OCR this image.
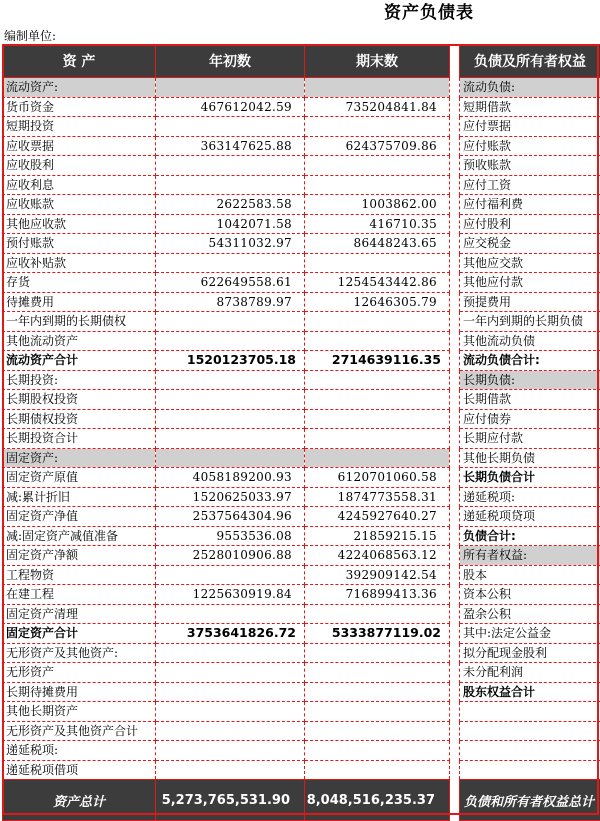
资产负债表
编制单位:
资 产	年初数	期末数		负债及所有者权益
流动资产:				流动负债:
货币资金	467612042.59	735204841.84		短期借款
短期投资				应付票据
应收票据	363147625.88	624375709.86		应付账款
应收股利				预收账款
应收利息				应付工资
应收账款	2622583.58	1003862.00		应付福利费
其他应收款	1042071.58	416710.35		应付股利
预付账款	54311032.97	86448243.65		应交税金
应收补贴款				其他应交款
存货	622649558.61	1254543442.86		其他应付款
待摊费用	8738789.97	12646305.79		预提费用
一年内到期的长期债权				一年内到期的长期负债
其他流动资产				其他流动负债
流动资产合计	1520123705.18	2714639116.35		流动负债合计:
长期投资:				长期负债:
长期股权投资				长期借款
长期债权投资				应付债券
长期投资合计				长期应付款
固定资产:				其他长期负债
固定资产原值	4058189200.93	6120701060.58		长期负债合计
减:累计折旧	1520625033.97	1874773558.31		递延税项:
固定资产净值	2537564304.96	4245927640.27		递延税项贷项
减:固定资产减值准备	9553536.08	21859215.15		负债合计:
固定资产净额	2528010906.88	4224068563.12		所有者权益:
工程物资		392909142.54		股本
在建工程	1225630919.84	716899413.36		资本公积
固定资产清理				盈余公积
固定资产合计	3753641826.72	5333877119.02		其中:法定公益金
无形资产及其他资产:				拟分配现金股利
无形资产				未分配利润
长期待摊费用				股东权益合计
其他长期资产				
无形资产及其他资产合计				
递延税项:				
递延税项借项				
资产总计	5,273,765,531.90	8,048,516,235.37		负债和所有者权益总计
